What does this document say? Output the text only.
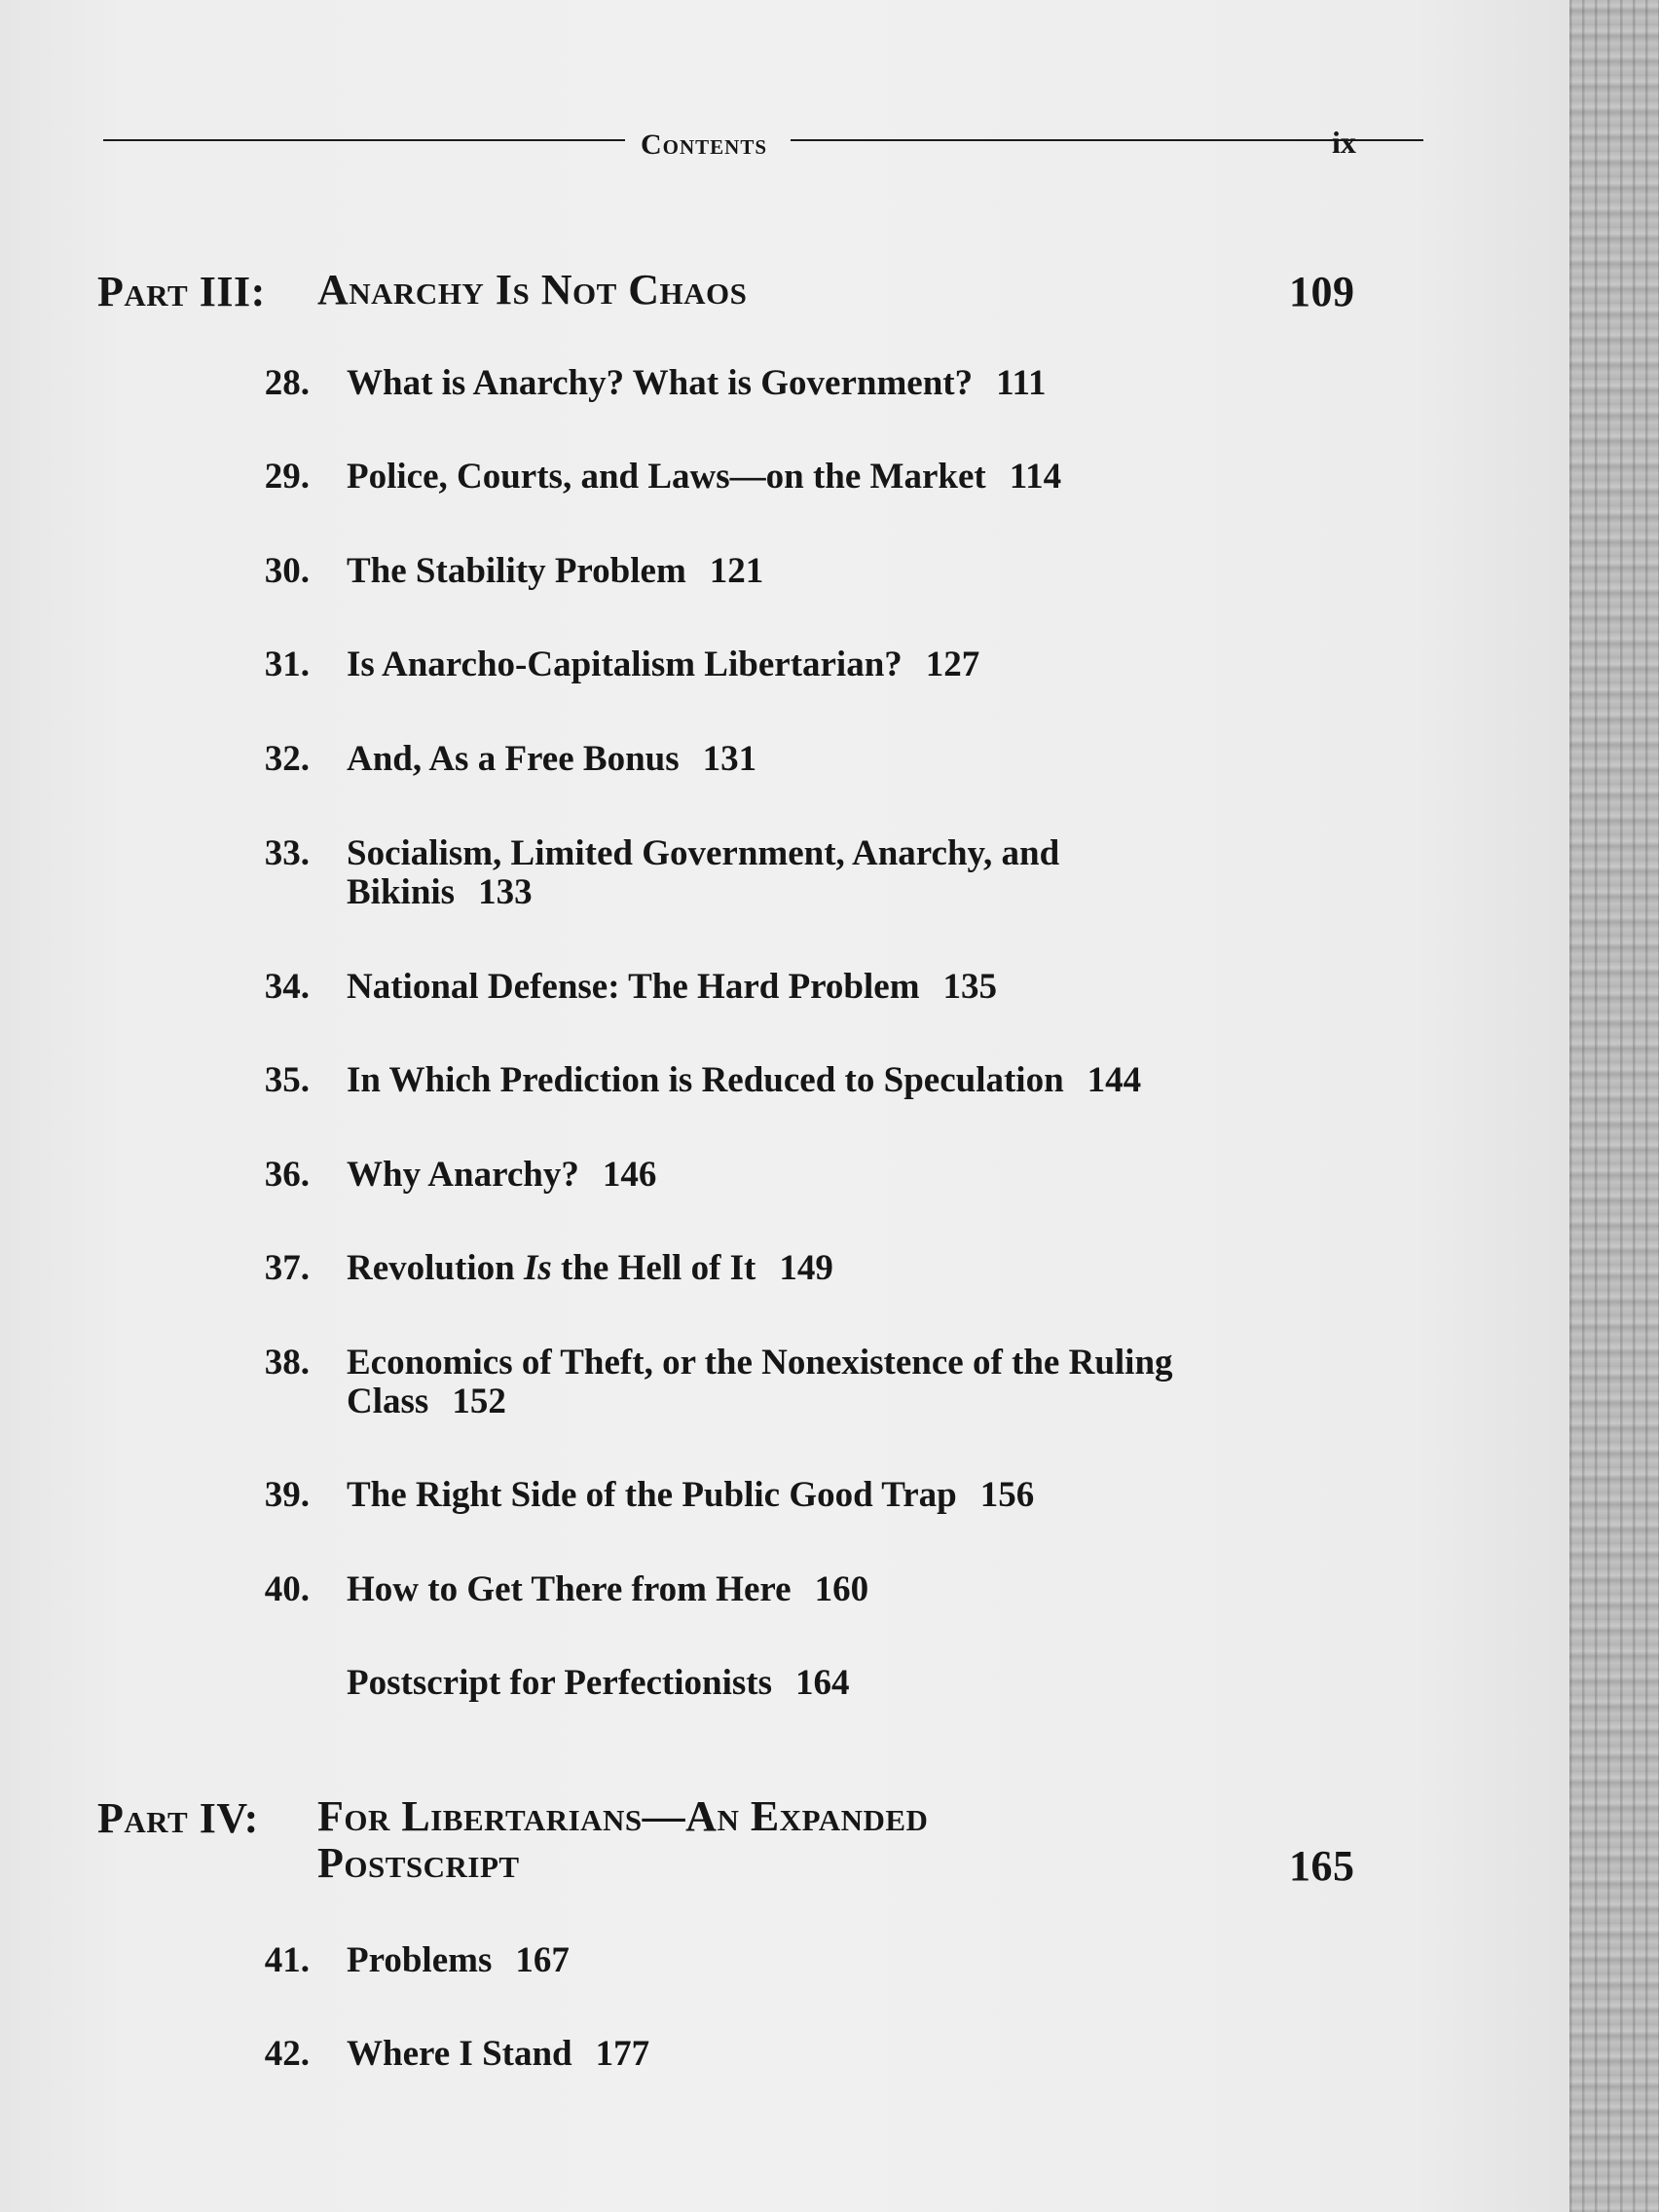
Contents	ix
Part III: Anarchy Is Not Chaos	109
28. What is Anarchy? What is Government? 111
29. Police, Courts, and Laws—on the Market 114
30. The Stability Problem 121
31. Is Anarcho-Capitalism Libertarian? 127
32. And, As a Free Bonus 131
33. Socialism, Limited Government, Anarchy, and Bikinis 133
34. National Defense: The Hard Problem 135
35. In Which Prediction is Reduced to Speculation 144
36. Why Anarchy? 146
37. Revolution Is the Hell of It 149
38. Economics of Theft, or the Nonexistence of the Ruling Class 152
39. The Right Side of the Public Good Trap 156
40. How to Get There from Here 160
Postscript for Perfectionists 164
Part IV: For Libertarians—An Expanded
Postscript	165
41. Problems 167
42. Where I Stand 177
